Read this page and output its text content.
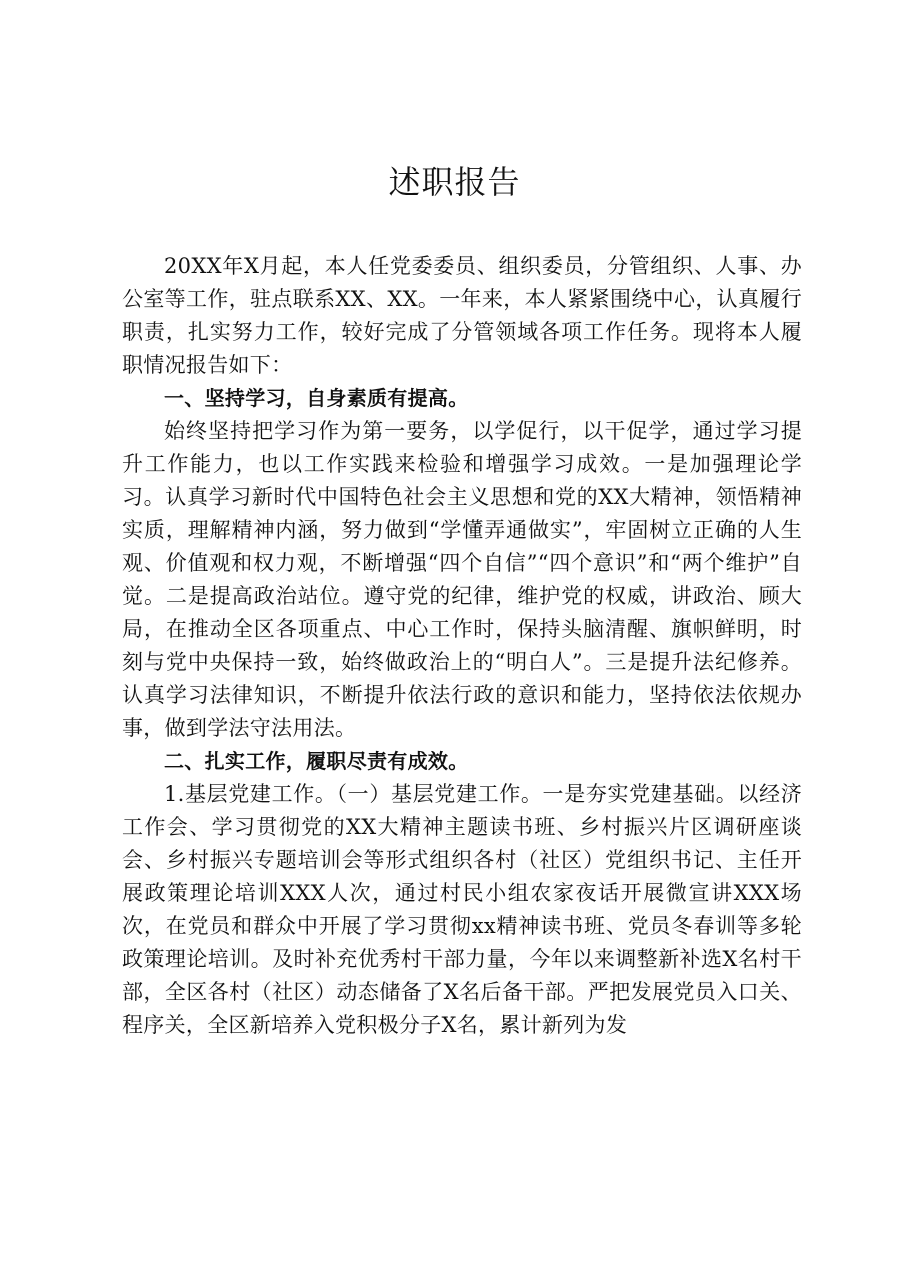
述职报告

20XX年X月起，本人任党委委员、组织委员，分管组织、人事、办公室等工作，驻点联系XX、XX。一年来，本人紧紧围绕中心，认真履行职责，扎实努力工作，较好完成了分管领域各项工作任务。现将本人履职情况报告如下：

一、坚持学习，自身素质有提高。

始终坚持把学习作为第一要务，以学促行，以干促学，通过学习提升工作能力，也以工作实践来检验和增强学习成效。一是加强理论学习。认真学习新时代中国特色社会主义思想和党的XX大精神，领悟精神实质，理解精神内涵，努力做到“学懂弄通做实”，牢固树立正确的人生观、价值观和权力观，不断增强“四个自信”“四个意识”和“两个维护”自觉。二是提高政治站位。遵守党的纪律，维护党的权威，讲政治、顾大局，在推动全区各项重点、中心工作时，保持头脑清醒、旗帜鲜明，时刻与党中央保持一致，始终做政治上的“明白人”。三是提升法纪修养。认真学习法律知识，不断提升依法行政的意识和能力，坚持依法依规办事，做到学法守法用法。

二、扎实工作，履职尽责有成效。

1.基层党建工作。（一）基层党建工作。一是夯实党建基础。以经济工作会、学习贯彻党的XX大精神主题读书班、乡村振兴片区调研座谈会、乡村振兴专题培训会等形式组织各村（社区）党组织书记、主任开展政策理论培训XXX人次，通过村民小组农家夜话开展微宣讲XXX场次，在党员和群众中开展了学习贯彻xx精神读书班、党员冬春训等多轮政策理论培训。及时补充优秀村干部力量，今年以来调整新补选X名村干部，全区各村（社区）动态储备了X名后备干部。严把发展党员入口关、程序关，全区新培养入党积极分子X名，累计新列为发
